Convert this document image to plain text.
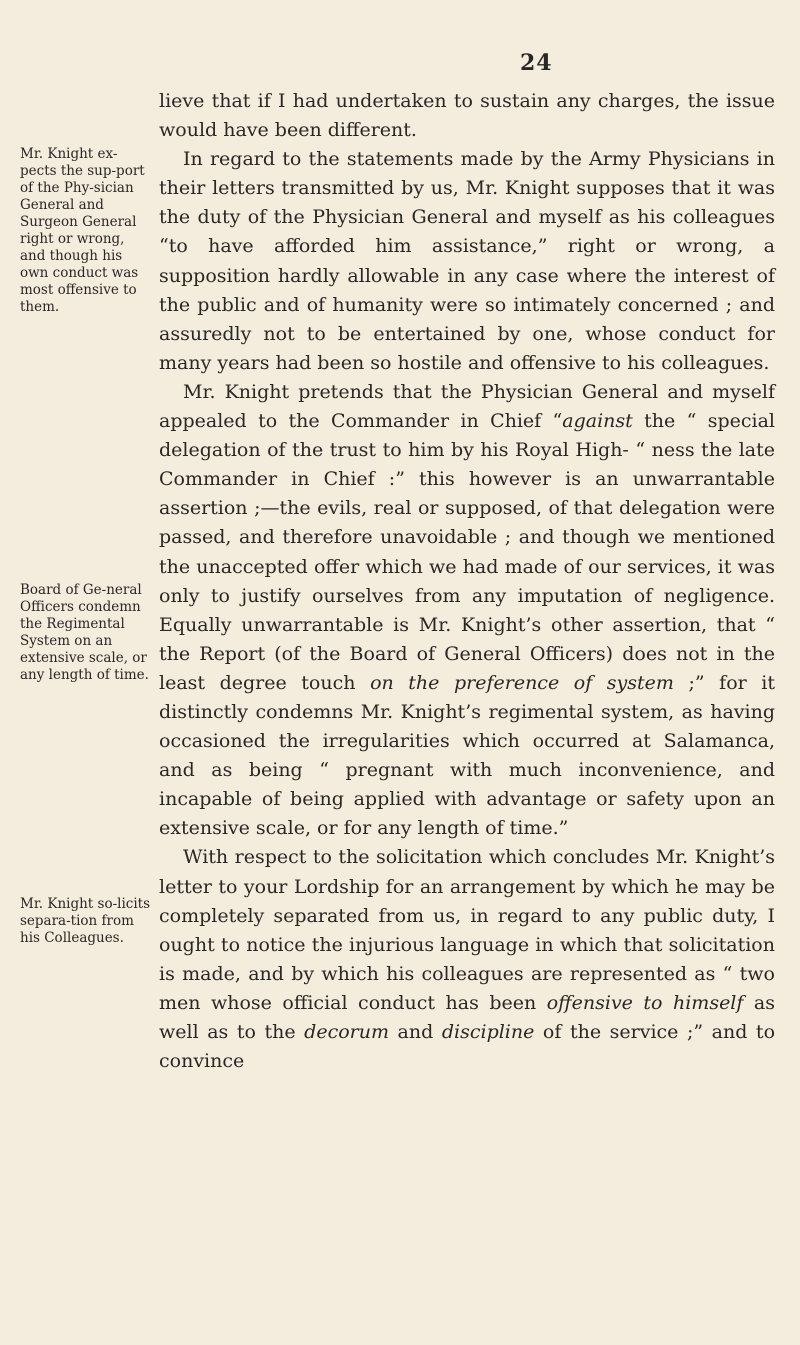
24
Mr. Knight ex-pects the sup-port of the Phy-sician General and Surgeon General right or wrong, and though his own conduct was most offensive to them.
Board of Ge-neral Officers condemn the Regimental System on an extensive scale, or any length of time.
Mr. Knight so-licits separa-tion from his Colleagues.

lieve that if I had undertaken to sustain any charges, the issue would have been different.

In regard to the statements made by the Army Physicians in their letters transmitted by us, Mr. Knight supposes that it was the duty of the Physician General and myself as his colleagues “to have afforded him assistance,” right or wrong, a supposition hardly allowable in any case where the interest of the public and of humanity were so intimately concerned ; and assuredly not to be entertained by one, whose conduct for many years had been so hostile and offensive to his colleagues.

Mr. Knight pretends that the Physician General and myself appealed to the Commander in Chief “against the “ special delegation of the trust to him by his Royal High- “ ness the late Commander in Chief :” this however is an unwarrantable assertion ;—the evils, real or supposed, of that delegation were passed, and therefore unavoidable ; and though we mentioned the unaccepted offer which we had made of our services, it was only to justify ourselves from any imputation of negligence. Equally unwarrantable is Mr. Knight’s other assertion, that “ the Report (of the Board of General Officers) does not in the least degree touch on the preference of system ;” for it distinctly condemns Mr. Knight’s regimental system, as having occasioned the irregularities which occurred at Salamanca, and as being “ pregnant with much inconvenience, and incapable of being applied with advantage or safety upon an extensive scale, or for any length of time.”

With respect to the solicitation which concludes Mr. Knight’s letter to your Lordship for an arrangement by which he may be completely separated from us, in regard to any public duty, I ought to notice the injurious language in which that solicitation is made, and by which his colleagues are represented as “ two men whose official conduct has been offensive to himself as well as to the decorum and discipline of the service ;” and to convince
